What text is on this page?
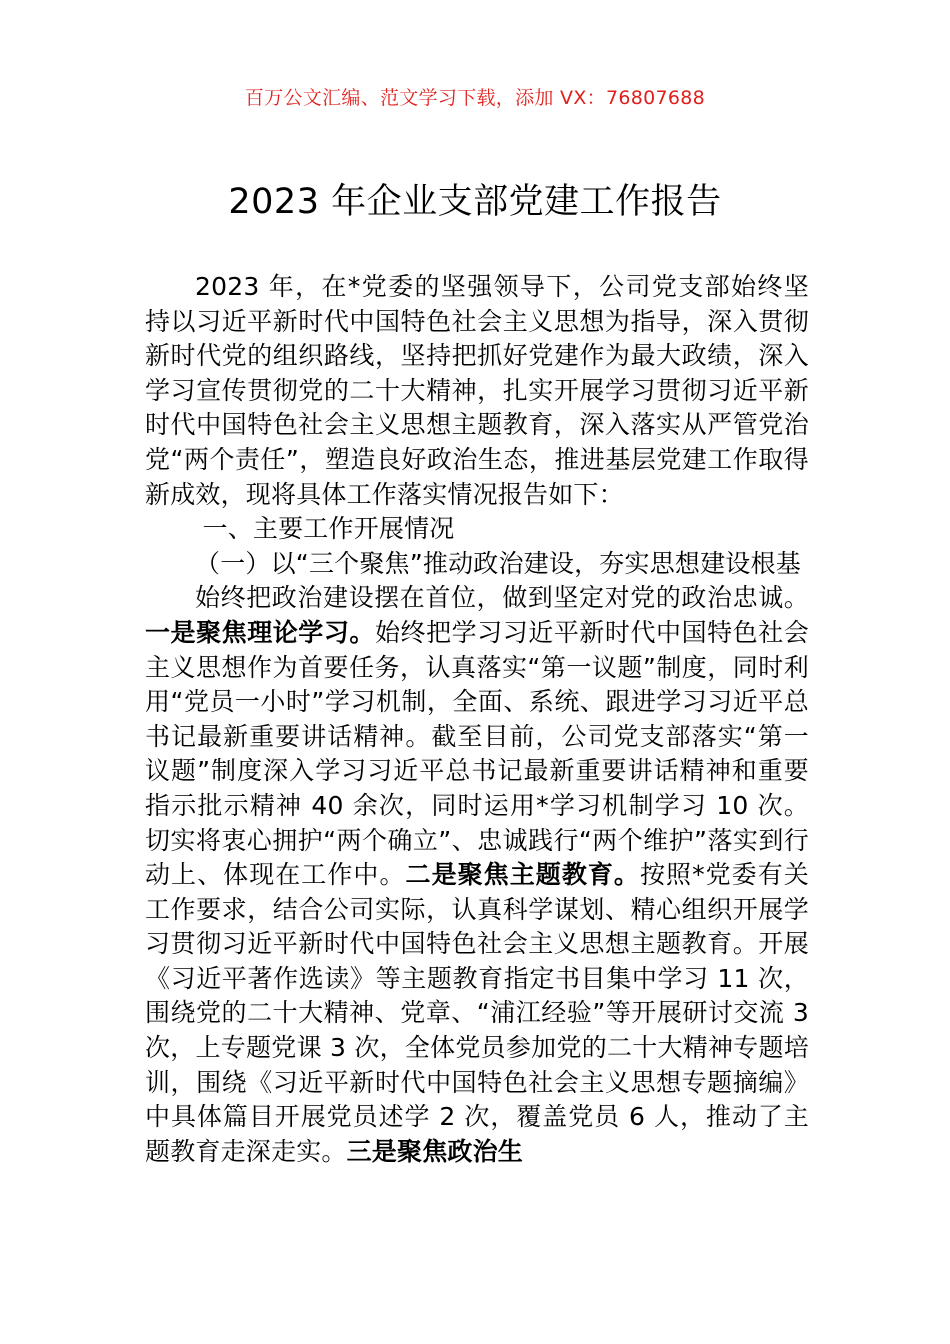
百万公文汇编、范文学习下载，添加 VX：76807688
2023 年企业支部党建工作报告

2023 年，在*党委的坚强领导下，公司党支部始终坚持以习近平新时代中国特色社会主义思想为指导，深入贯彻新时代党的组织路线，坚持把抓好党建作为最大政绩，深入学习宣传贯彻党的二十大精神，扎实开展学习贯彻习近平新时代中国特色社会主义思想主题教育，深入落实从严管党治党“两个责任”，塑造良好政治生态，推进基层党建工作取得新成效，现将具体工作落实情况报告如下：

一、主要工作开展情况

（一）以“三个聚焦”推动政治建设，夯实思想建设根基

始终把政治建设摆在首位，做到坚定对党的政治忠诚。一是聚焦理论学习。始终把学习习近平新时代中国特色社会主义思想作为首要任务，认真落实“第一议题”制度，同时利用“党员一小时”学习机制，全面、系统、跟进学习习近平总书记最新重要讲话精神。截至目前，公司党支部落实“第一议题”制度深入学习习近平总书记最新重要讲话精神和重要指示批示精神 40 余次，同时运用*学习机制学习 10 次。切实将衷心拥护“两个确立”、忠诚践行“两个维护”落实到行动上、体现在工作中。二是聚焦主题教育。按照*党委有关工作要求，结合公司实际，认真科学谋划、精心组织开展学习贯彻习近平新时代中国特色社会主义思想主题教育。开展《习近平著作选读》等主题教育指定书目集中学习 11 次，围绕党的二十大精神、党章、“浦江经验”等开展研讨交流 3 次，上专题党课 3 次，全体党员参加党的二十大精神专题培训，围绕《习近平新时代中国特色社会主义思想专题摘编》中具体篇目开展党员述学 2 次，覆盖党员 6 人，推动了主题教育走深走实。三是聚焦政治生
